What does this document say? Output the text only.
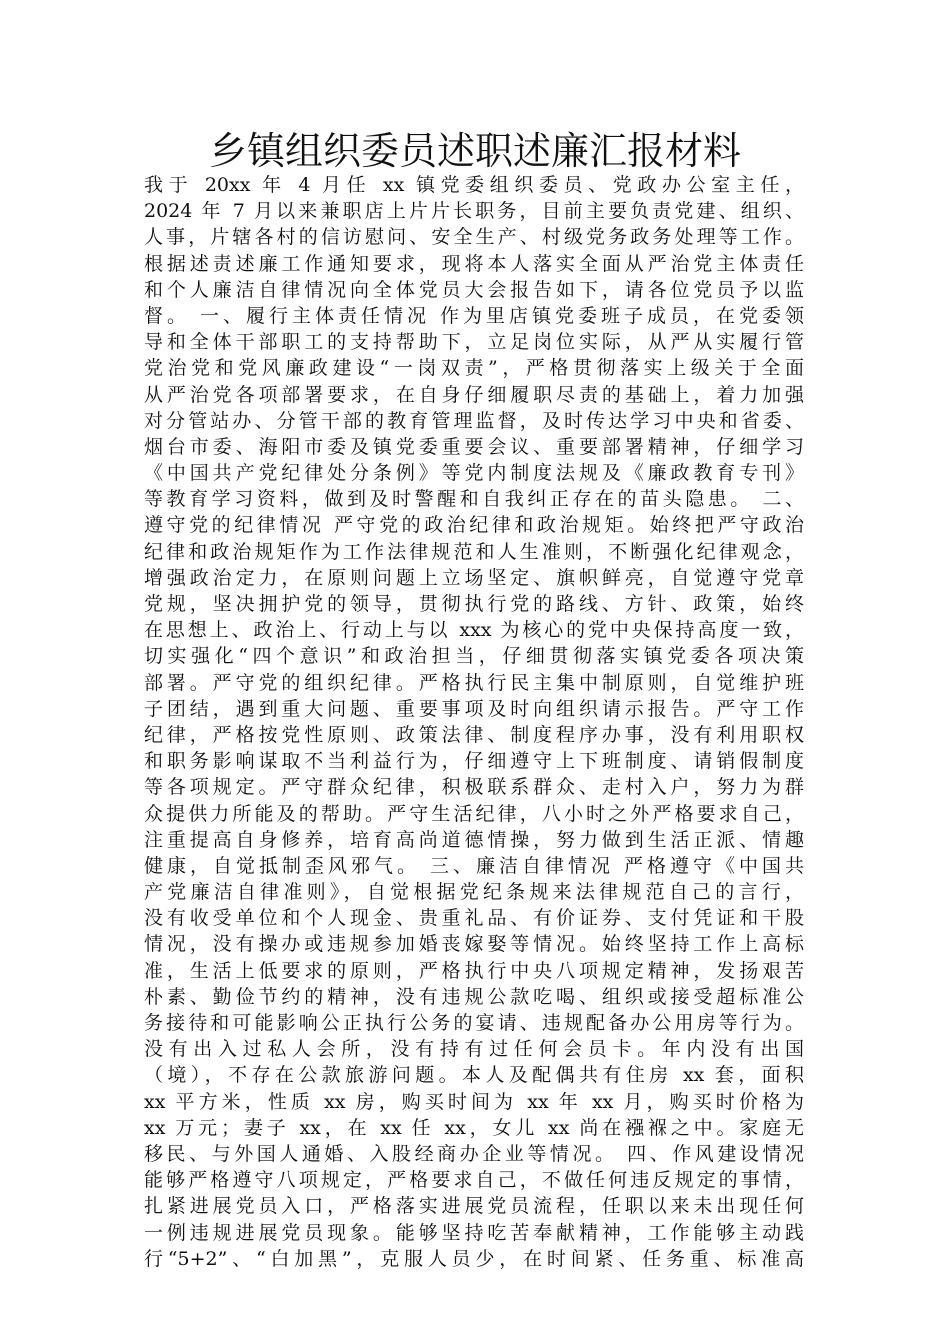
乡镇组织委员述职述廉汇报材料
我于 20xx 年 4 月任 xx 镇党委组织委员、党政办公室主任，
2024 年 7 月以来兼职店上片片长职务，目前主要负责党建、组织、
人事，片辖各村的信访慰问、安全生产、村级党务政务处理等工作。
根据述责述廉工作通知要求，现将本人落实全面从严治党主体责任
和个人廉洁自律情况向全体党员大会报告如下，请各位党员予以监
督。 一、履行主体责任情况 作为里店镇党委班子成员，在党委领
导和全体干部职工的支持帮助下，立足岗位实际，从严从实履行管
党治党和党风廉政建设“一岗双责”，严格贯彻落实上级关于全面
从严治党各项部署要求，在自身仔细履职尽责的基础上，着力加强
对分管站办、分管干部的教育管理监督，及时传达学习中央和省委、
烟台市委、海阳市委及镇党委重要会议、重要部署精神，仔细学习
《中国共产党纪律处分条例》等党内制度法规及《廉政教育专刊》
等教育学习资料，做到及时警醒和自我纠正存在的苗头隐患。 二、
遵守党的纪律情况 严守党的政治纪律和政治规矩。始终把严守政治
纪律和政治规矩作为工作法律规范和人生准则，不断强化纪律观念，
增强政治定力，在原则问题上立场坚定、旗帜鲜亮，自觉遵守党章
党规，坚决拥护党的领导，贯彻执行党的路线、方针、政策，始终
在思想上、政治上、行动上与以 xxx 为核心的党中央保持高度一致，
切实强化“四个意识”和政治担当，仔细贯彻落实镇党委各项决策
部署。严守党的组织纪律。严格执行民主集中制原则，自觉维护班
子团结，遇到重大问题、重要事项及时向组织请示报告。严守工作
纪律，严格按党性原则、政策法律、制度程序办事，没有利用职权
和职务影响谋取不当利益行为，仔细遵守上下班制度、请销假制度
等各项规定。严守群众纪律，积极联系群众、走村入户，努力为群
众提供力所能及的帮助。严守生活纪律，八小时之外严格要求自己，
注重提高自身修养，培育高尚道德情操，努力做到生活正派、情趣
健康，自觉抵制歪风邪气。 三、廉洁自律情况 严格遵守《中国共
产党廉洁自律准则》，自觉根据党纪条规来法律规范自己的言行，
没有收受单位和个人现金、贵重礼品、有价证券、支付凭证和干股
情况，没有操办或违规参加婚丧嫁娶等情况。始终坚持工作上高标
准，生活上低要求的原则，严格执行中央八项规定精神，发扬艰苦
朴素、勤俭节约的精神，没有违规公款吃喝、组织或接受超标准公
务接待和可能影响公正执行公务的宴请、违规配备办公用房等行为。
没有出入过私人会所，没有持有过任何会员卡。年内没有出国
（境），不存在公款旅游问题。本人及配偶共有住房 xx 套，面积
xx 平方米，性质 xx 房，购买时间为 xx 年 xx 月，购买时价格为
xx 万元；妻子 xx，在 xx 任 xx，女儿 xx 尚在襁褓之中。家庭无
移民、与外国人通婚、入股经商办企业等情况。 四、作风建设情况
能够严格遵守八项规定，严格要求自己，不做任何违反规定的事情，
扎紧进展党员入口，严格落实进展党员流程，任职以来未出现任何
一例违规进展党员现象。能够坚持吃苦奉献精神，工作能够主动践
行“5+2”、“白加黑”，克服人员少，在时间紧、任务重、标准高
